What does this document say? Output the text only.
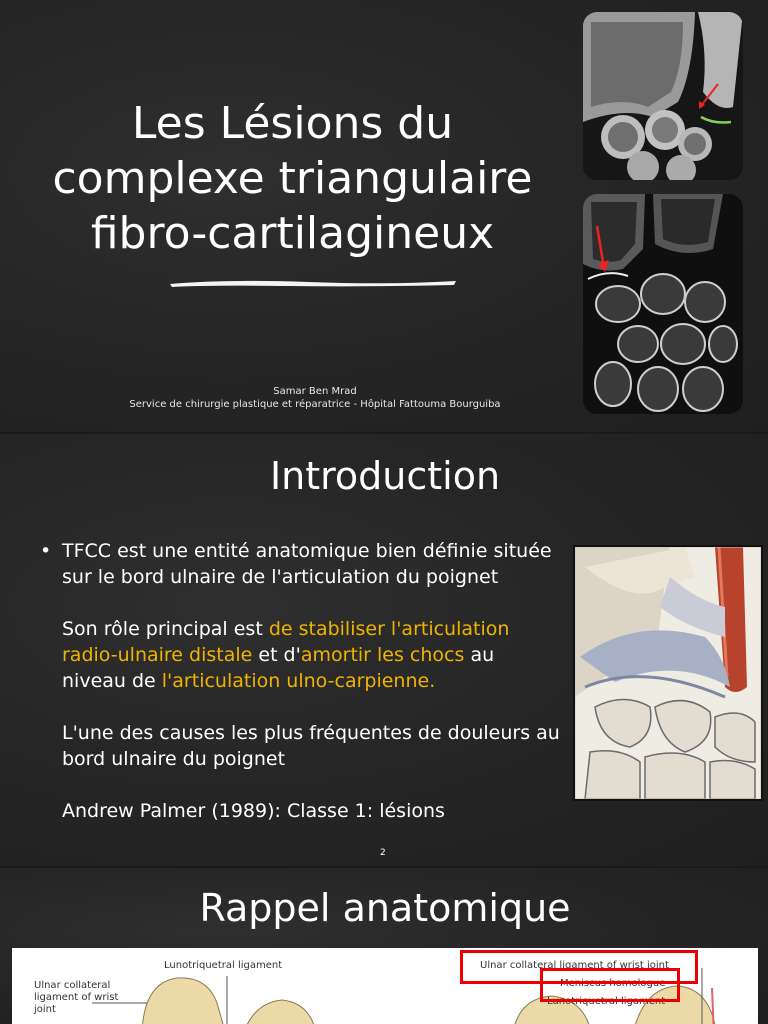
Les Lésions du
complexe triangulaire
fibro-cartilagineux
Samar Ben Mrad
Service de chirurgie plastique et réparatrice - Hôpital Fattouma Bourguiba
Introduction
• TFCC est une entité anatomique bien définie située sur le bord ulnaire de l'articulation du poignet

Son rôle principal est de stabiliser l'articulation radio-ulnaire distale et d'amortir les chocs au niveau de l'articulation ulno-carpienne.

L'une des causes les plus fréquentes de douleurs au bord ulnaire du poignet

Andrew Palmer (1989): Classe 1: lésions

2
Rappel anatomique
Lunotriquetral ligament
Ulnar collateral ligament of wrist joint
Ulnar collateral ligament of wrist joint
Meniscus homologue
Lunotriquetral ligament
